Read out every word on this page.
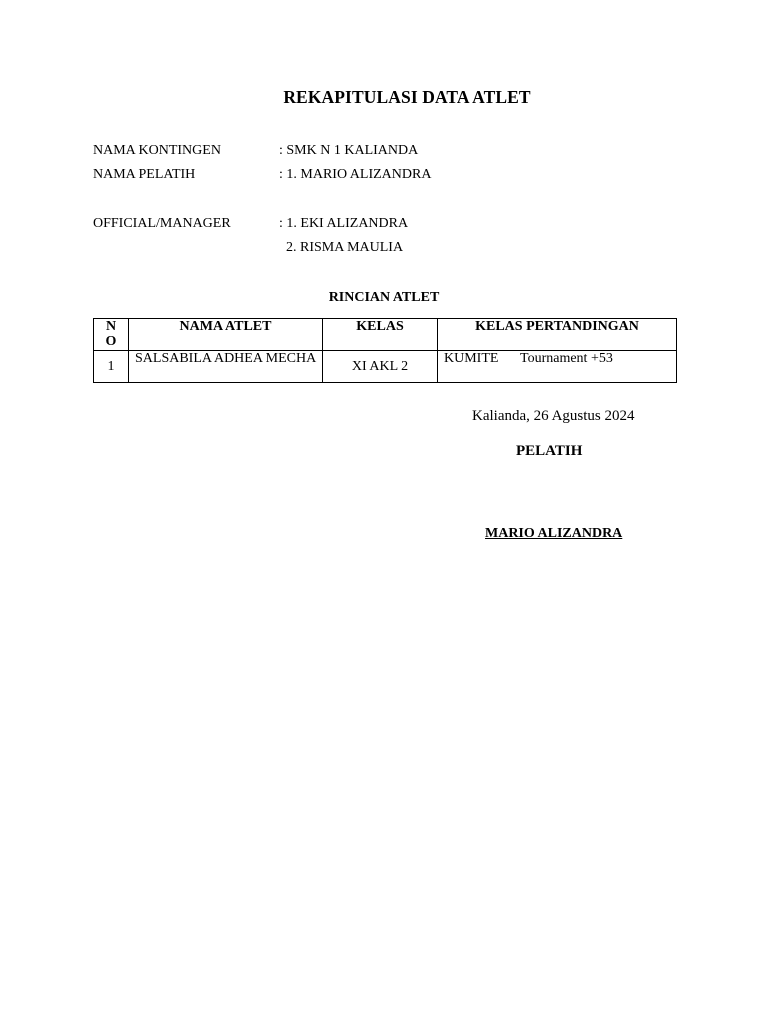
REKAPITULASI DATA ATLET
NAMA KONTINGEN	: SMK N 1 KALIANDA
NAMA PELATIH	: 1. MARIO ALIZANDRA
OFFICIAL/MANAGER	: 1. EKI ALIZANDRA
2. RISMA MAULIA
RINCIAN ATLET
NO	NAMA ATLET	KELAS	KELAS PERTANDINGAN
1	SALSABILA ADHEA MECHA	XI AKL 2	KUMITE Tournament +53
Kalianda, 26 Agustus 2024
PELATIH
MARIO ALIZANDRA
